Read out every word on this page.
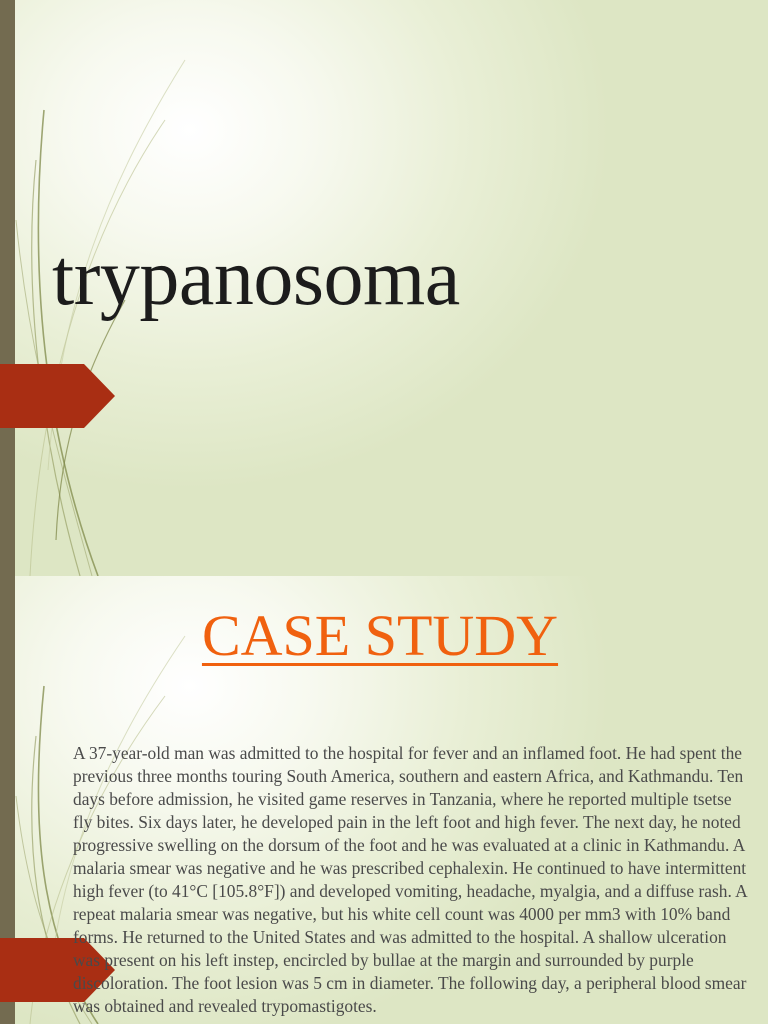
trypanosoma
CASE STUDY

A 37-year-old man was admitted to the hospital for fever and an inflamed foot. He had spent the previous three months touring South America, southern and eastern Africa, and Kathmandu. Ten days before admission, he visited game reserves in Tanzania, where he reported multiple tsetse fly bites. Six days later, he developed pain in the left foot and high fever. The next day, he noted progressive swelling on the dorsum of the foot and he was evaluated at a clinic in Kathmandu. A malaria smear was negative and he was prescribed cephalexin. He continued to have intermittent high fever (to 41°C [105.8°F]) and developed vomiting, headache, myalgia, and a diffuse rash. A repeat malaria smear was negative, but his white cell count was 4000 per mm3 with 10% band forms. He returned to the United States and was admitted to the hospital. A shallow ulceration was present on his left instep, encircled by bullae at the margin and surrounded by purple discoloration. The foot lesion was 5 cm in diameter. The following day, a peripheral blood smear was obtained and revealed trypomastigotes.
